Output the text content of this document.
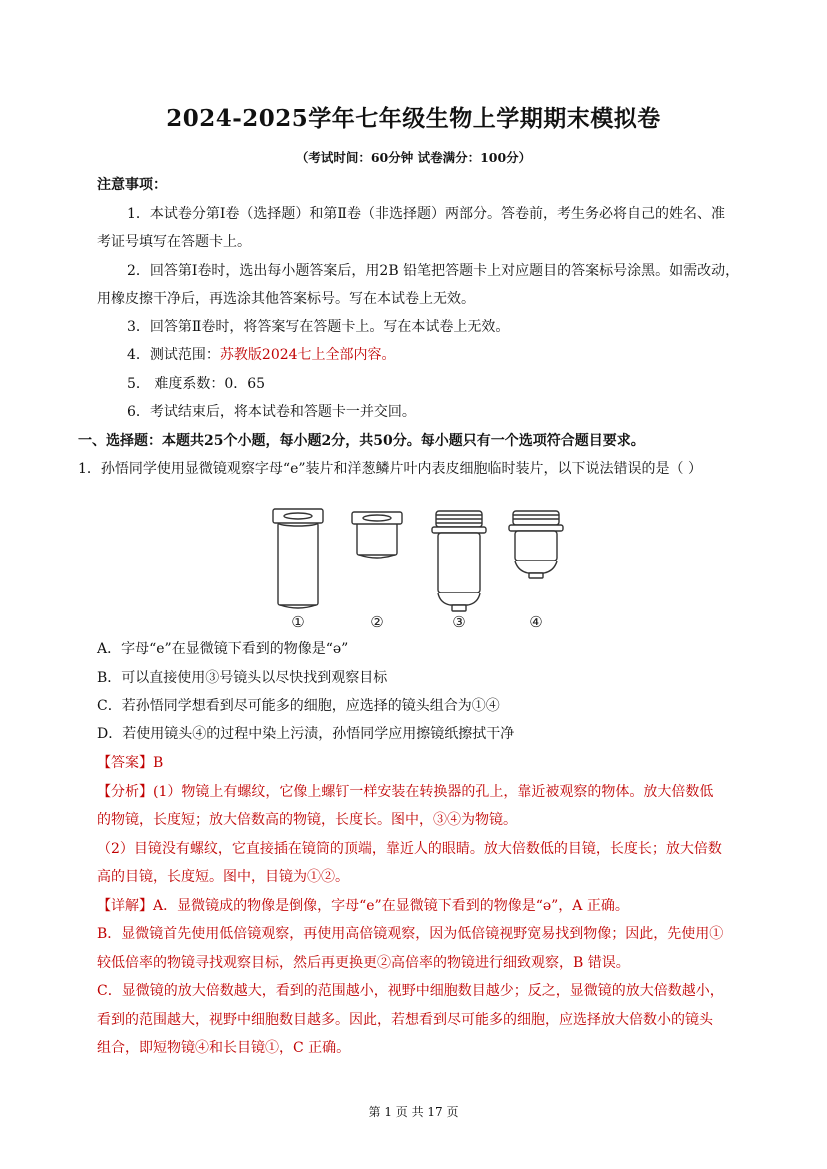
2024-2025学年七年级生物上学期期末模拟卷
（考试时间：60分钟 试卷满分：100分）
注意事项：
1．本试卷分第Ⅰ卷（选择题）和第Ⅱ卷（非选择题）两部分。答卷前，考生务必将自己的姓名、准
考证号填写在答题卡上。
2．回答第Ⅰ卷时，选出每小题答案后，用2B 铅笔把答题卡上对应题目的答案标号涂黑。如需改动，
用橡皮擦干净后，再选涂其他答案标号。写在本试卷上无效。
3．回答第Ⅱ卷时，将答案写在答题卡上。写在本试卷上无效。
4．测试范围：苏教版2024七上全部内容。
5． 难度系数：0．65
6．考试结束后，将本试卷和答题卡一并交回。
一、选择题：本题共25个小题，每小题2分，共50分。每小题只有一个选项符合题目要求。
1．孙悟同学使用显微镜观察字母“e”装片和洋葱鳞片叶内表皮细胞临时装片，以下说法错误的是（ ）
①	②	③	④
A．字母“e”在显微镜下看到的物像是“ə”
B．可以直接使用③号镜头以尽快找到观察目标
C．若孙悟同学想看到尽可能多的细胞，应选择的镜头组合为①④
D．若使用镜头④的过程中染上污渍，孙悟同学应用擦镜纸擦拭干净
【答案】B
【分析】(1）物镜上有螺纹，它像上螺钉一样安装在转换器的孔上，靠近被观察的物体。放大倍数低
的物镜，长度短；放大倍数高的物镜，长度长。图中，③④为物镜。
（2）目镜没有螺纹，它直接插在镜筒的顶端，靠近人的眼睛。放大倍数低的目镜，长度长；放大倍数
高的目镜，长度短。图中，目镜为①②。
【详解】A．显微镜成的物像是倒像，字母“e”在显微镜下看到的物像是“ə”，A 正确。
B．显微镜首先使用低倍镜观察，再使用高倍镜观察，因为低倍镜视野宽易找到物像；因此，先使用①
较低倍率的物镜寻找观察目标，然后再更换更②高倍率的物镜进行细致观察，B 错误。
C．显微镜的放大倍数越大，看到的范围越小，视野中细胞数目越少；反之，显微镜的放大倍数越小，
看到的范围越大，视野中细胞数目越多。因此，若想看到尽可能多的细胞，应选择放大倍数小的镜头
组合，即短物镜④和长目镜①，C 正确。
第 1 页 共 17 页
